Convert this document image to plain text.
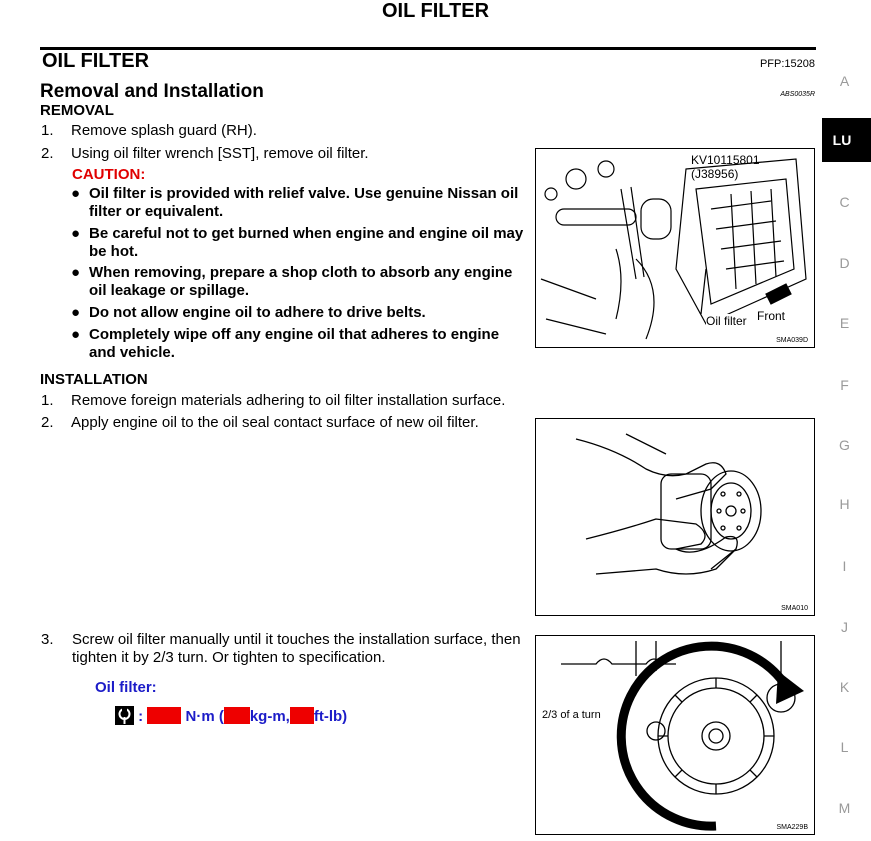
OIL FILTER
OIL FILTER	PFP:15208
Removal and Installation	ABS0035R
REMOVAL
1. Remove splash guard (RH).
2. Using oil filter wrench [SST], remove oil filter.
CAUTION:
● Oil filter is provided with relief valve. Use genuine Nissan oil filter or equivalent.
● Be careful not to get burned when engine and engine oil may be hot.
● When removing, prepare a shop cloth to absorb any engine oil leakage or spillage.
● Do not allow engine oil to adhere to drive belts.
● Completely wipe off any engine oil that adheres to engine and vehicle.
INSTALLATION
1. Remove foreign materials adhering to oil filter installation surface.
2. Apply engine oil to the oil seal contact surface of new oil filter.
3.	Screw oil filter manually until it touches the installation surface, then tighten it by 2/3 turn. Or tighten to specification.
Oil filter:
:	N·m ( kg-m, ft-lb)
KV10115801
(J38956)
Oil filter Front
SMA039D
SMA010
2/3 of a turn
SMA229B
A
LU
C
D
E
F
G
H
I
J
K
L
M
